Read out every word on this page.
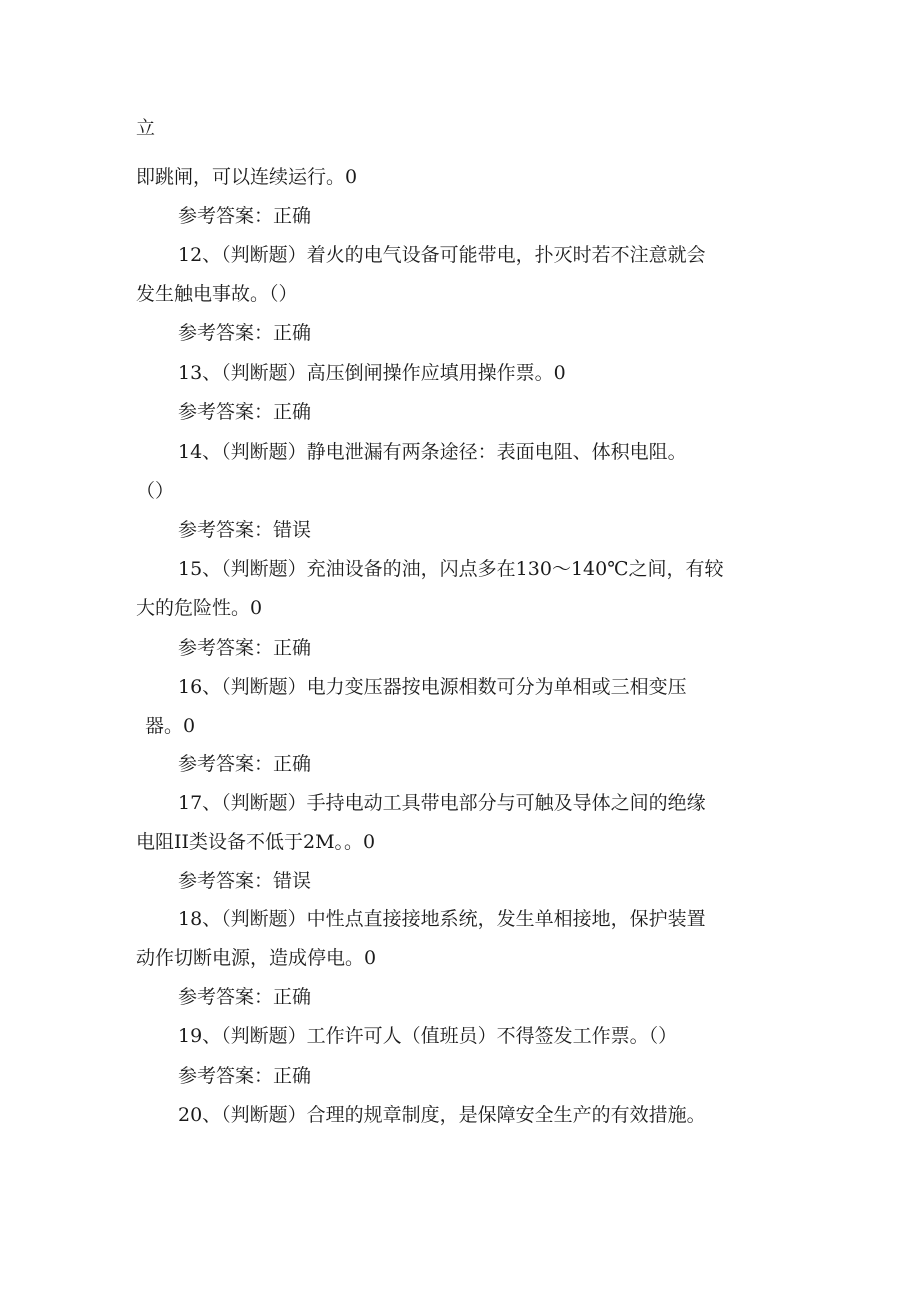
立
即跳闸，可以连续运行。0
参考答案：正确
12、（判断题）着火的电气设备可能带电，扑灭时若不注意就会
发生触电事故。（）
参考答案：正确
13、（判断题）高压倒闸操作应填用操作票。0
参考答案：正确
14、（判断题）静电泄漏有两条途径：表面电阻、体积电阻。
（）
参考答案：错误
15、（判断题）充油设备的油，闪点多在130～140℃之间，有较
大的危险性。0
参考答案：正确
16、（判断题）电力变压器按电源相数可分为单相或三相变压
器。0
参考答案：正确
17、（判断题）手持电动工具带电部分与可触及导体之间的绝缘
电阻II类设备不低于2M。。0
参考答案：错误
18、（判断题）中性点直接接地系统，发生单相接地，保护装置
动作切断电源，造成停电。0
参考答案：正确
19、（判断题）工作许可人（值班员）不得签发工作票。（）
参考答案：正确
20、（判断题）合理的规章制度，是保障安全生产的有效措施。
